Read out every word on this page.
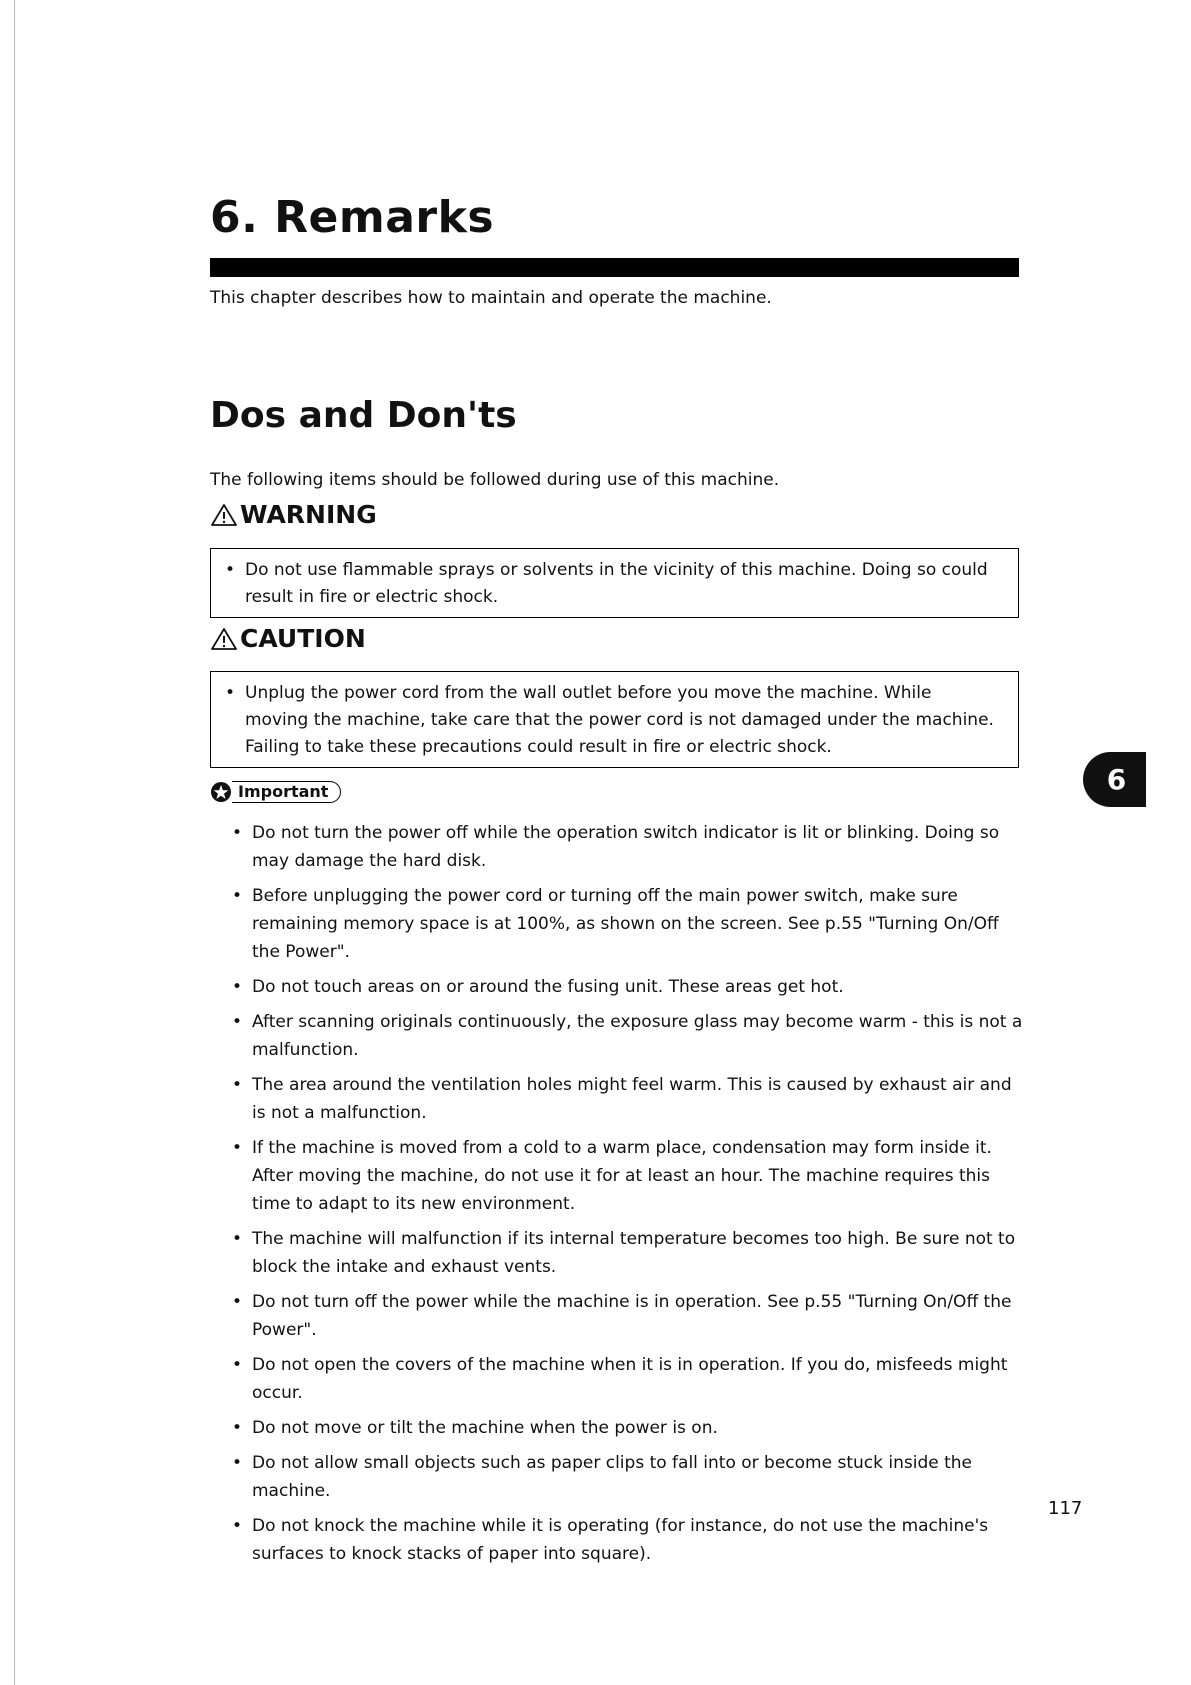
6. Remarks

This chapter describes how to maintain and operate the machine.

Dos and Don'ts

The following items should be followed during use of this machine.

WARNING

• Do not use flammable sprays or solvents in the vicinity of this machine. Doing so could result in fire or electric shock.

CAUTION

• Unplug the power cord from the wall outlet before you move the machine. While moving the machine, take care that the power cord is not damaged under the machine. Failing to take these precautions could result in fire or electric shock.

Important
• Do not turn the power off while the operation switch indicator is lit or blinking. Doing so may damage the hard disk.
• Before unplugging the power cord or turning off the main power switch, make sure remaining memory space is at 100%, as shown on the screen. See p.55 "Turning On/Off the Power".
• Do not touch areas on or around the fusing unit. These areas get hot.
• After scanning originals continuously, the exposure glass may become warm - this is not a malfunction.
• The area around the ventilation holes might feel warm. This is caused by exhaust air and is not a malfunction.
• If the machine is moved from a cold to a warm place, condensation may form inside it. After moving the machine, do not use it for at least an hour. The machine requires this time to adapt to its new environment.
• The machine will malfunction if its internal temperature becomes too high. Be sure not to block the intake and exhaust vents.
• Do not turn off the power while the machine is in operation. See p.55 "Turning On/Off the Power".
• Do not open the covers of the machine when it is in operation. If you do, misfeeds might occur.
• Do not move or tilt the machine when the power is on.
• Do not allow small objects such as paper clips to fall into or become stuck inside the machine.
• Do not knock the machine while it is operating (for instance, do not use the machine's surfaces to knock stacks of paper into square).
6

117
